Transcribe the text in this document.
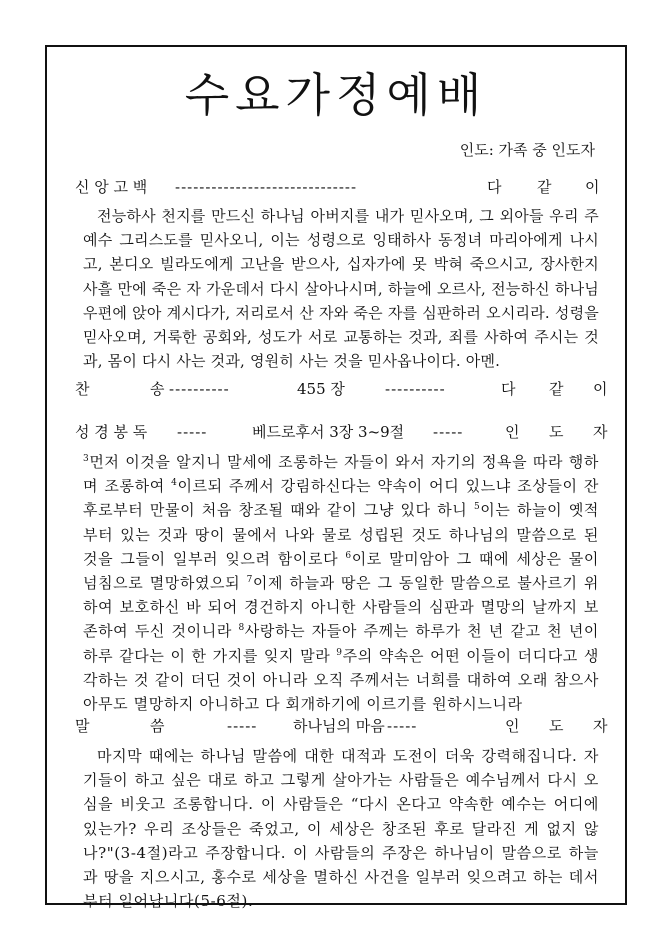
수요가정예배
인도: 가족 중 인도자
신 앙 고 백 ------------------------------	다 같 이

전능하사 천지를 만드신 하나님 아버지를 내가 믿사오며, 그 외아들 우리 주 예수 그리스도를 믿사오니, 이는 성령으로 잉태하사 동정녀 마리아에게 나시고, 본디오 빌라도에게 고난을 받으사, 십자가에 못 박혀 죽으시고, 장사한지 사흘 만에 죽은 자 가운데서 다시 살아나시며, 하늘에 오르사, 전능하신 하나님 우편에 앉아 계시다가, 저리로서 산 자와 죽은 자를 심판하러 오시리라. 성령을 믿사오며, 거룩한 공회와, 성도가 서로 교통하는 것과, 죄를 사하여 주시는 것과, 몸이 다시 사는 것과, 영원히 사는 것을 믿사옵나이다. 아멘.

찬	송 ----------	455 장	----------	다 같 이
성 경 봉 독 -----	베드로후서 3장 3~9절 -----	인 도 자
$^3$먼저 이것을 알지니 말세에 조롱하는 자들이 와서 자기의 정욕을 따라 행하며 조롱하여 $^4$이르되 주께서 강림하신다는 약속이 어디 있느냐 조상들이 잔 후로부터 만물이 처음 창조될 때와 같이 그냥 있다 하니 $^5$이는 하늘이 옛적부터 있는 것과 땅이 물에서 나와 물로 성립된 것도 하나님의 말씀으로 된 것을 그들이 일부러 잊으려 함이로다 $^6$이로 말미암아 그 때에 세상은 물이 넘침으로 멸망하였으되 $^7$이제 하늘과 땅은 그 동일한 말씀으로 불사르기 위하여 보호하신 바 되어 경건하지 아니한 사람들의 심판과 멸망의 날까지 보존하여 두신 것이니라 $^8$사랑하는 자들아 주께는 하루가 천 년 같고 천 년이 하루 같다는 이 한 가지를 잊지 말라 $^9$주의 약속은 어떤 이들이 더디다고 생각하는 것 같이 더딘 것이 아니라 오직 주께서는 너희를 대하여 오래 참으사 아무도 멸망하지 아니하고 다 회개하기에 이르기를 원하시느니라
말	씀	----- 하나님의 마음 -----	인 도 자

마지막 때에는 하나님 말씀에 대한 대적과 도전이 더욱 강력해집니다. 자기들이 하고 싶은 대로 하고 그렇게 살아가는 사람들은 예수님께서 다시 오심을 비웃고 조롱합니다. 이 사람들은 “다시 온다고 약속한 예수는 어디에 있는가? 우리 조상들은 죽었고, 이 세상은 창조된 후로 달라진 게 없지 않나?"(3-4절)라고 주장합니다. 이 사람들의 주장은 하나님이 말씀으로 하늘과 땅을 지으시고, 홍수로 세상을 멸하신 사건을 일부러 잊으려고 하는 데서부터 일어납니다(5-6절).
